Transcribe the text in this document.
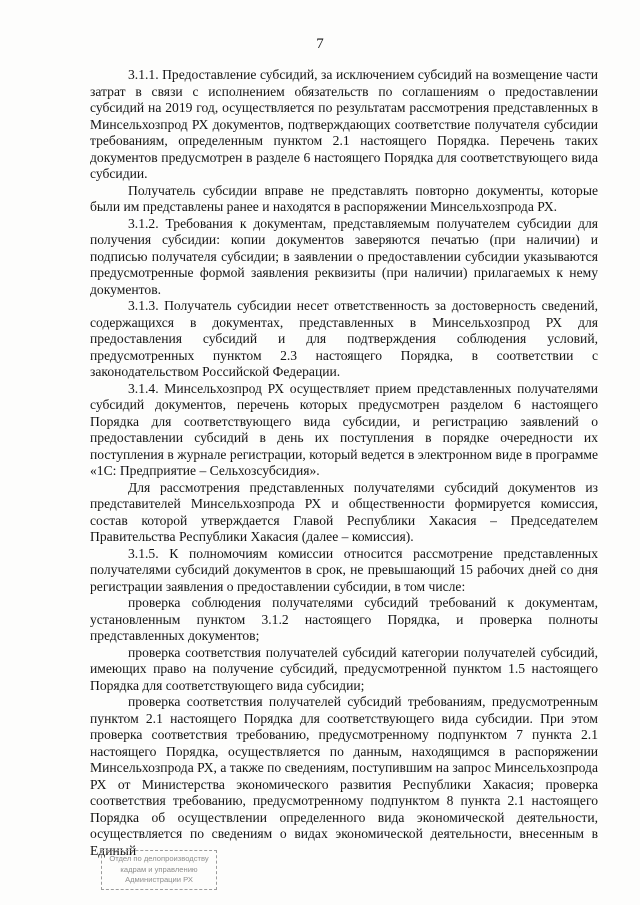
7

3.1.1. Предоставление субсидий, за исключением субсидий на возмещение части затрат в связи с исполнением обязательств по соглашениям о предоставлении субсидий на 2019 год, осуществляется по результатам рассмотрения представленных в Минсельхозпрод РХ документов, подтверждающих соответствие получателя субсидии требованиям, определенным пунктом 2.1 настоящего Порядка. Перечень таких документов предусмотрен в разделе 6 настоящего Порядка для соответствующего вида субсидии.

Получатель субсидии вправе не представлять повторно документы, которые были им представлены ранее и находятся в распоряжении Минсельхозпрода РХ.

3.1.2. Требования к документам, представляемым получателем субсидии для получения субсидии: копии документов заверяются печатью (при наличии) и подписью получателя субсидии; в заявлении о предоставлении субсидии указываются предусмотренные формой заявления реквизиты (при наличии) прилагаемых к нему документов.

3.1.3. Получатель субсидии несет ответственность за достоверность сведений, содержащихся в документах, представленных в Минсельхозпрод РХ для предоставления субсидий и для подтверждения соблюдения условий, предусмотренных пунктом 2.3 настоящего Порядка, в соответствии с законодательством Российской Федерации.

3.1.4. Минсельхозпрод РХ осуществляет прием представленных получателями субсидий документов, перечень которых предусмотрен разделом 6 настоящего Порядка для соответствующего вида субсидии, и регистрацию заявлений о предоставлении субсидий в день их поступления в порядке очередности их поступления в журнале регистрации, который ведется в электронном виде в программе «1С: Предприятие – Сельхозсубсидия».

Для рассмотрения представленных получателями субсидий документов из представителей Минсельхозпрода РХ и общественности формируется комиссия, состав которой утверждается Главой Республики Хакасия – Председателем Правительства Республики Хакасия (далее – комиссия).

3.1.5. К полномочиям комиссии относится рассмотрение представленных получателями субсидий документов в срок, не превышающий 15 рабочих дней со дня регистрации заявления о предоставлении субсидии, в том числе:

проверка соблюдения получателями субсидий требований к документам, установленным пунктом 3.1.2 настоящего Порядка, и проверка полноты представленных документов;

проверка соответствия получателей субсидий категории получателей субсидий, имеющих право на получение субсидий, предусмотренной пунктом 1.5 настоящего Порядка для соответствующего вида субсидии;

проверка соответствия получателей субсидий требованиям, предусмотренным пунктом 2.1 настоящего Порядка для соответствующего вида субсидии. При этом проверка соответствия требованию, предусмотренному подпунктом 7 пункта 2.1 настоящего Порядка, осуществляется по данным, находящимся в распоряжении Минсельхозпрода РХ, а также по сведениям, поступившим на запрос Минсельхозпрода РХ от Министерства экономического развития Республики Хакасия; проверка соответствия требованию, предусмотренному подпунктом 8 пункта 2.1 настоящего Порядка об осуществлении определенного вида экономической деятельности, осуществляется по сведениям о видах экономической деятельности, внесенным в Единый

Отдел по делопроизводству
кадрам и управлению
Администрации РХ
